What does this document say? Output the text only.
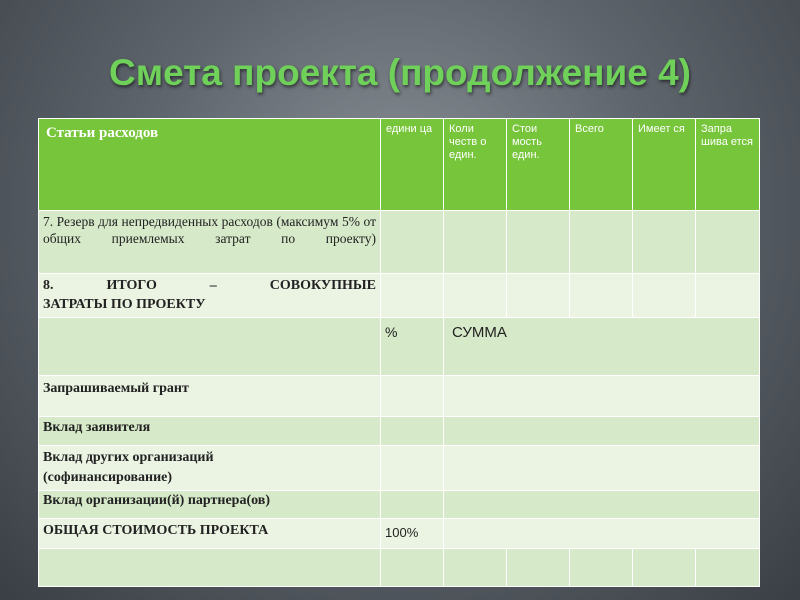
Смета проекта (продолжение 4)
Статьи расходов	едини ца	Коли честв о един.	Стои мость един.	Всего	Имеет ся	Запра шива ется
7. Резерв для непредвиденных расходов (максимум 5% от общих приемлемых затрат по проекту)						

8. ИТОГО – СОВОКУПНЫЕ
ЗАТРАТЫ ПО ПРОЕКТУ						

	%	СУММА				
Запрашиваемый грант						
Вклад заявителя						

Вклад других организаций
(софинансирование)						

Вклад организации(й) партнера(ов)						
ОБЩАЯ СТОИМОСТЬ ПРОЕКТА	100%					
